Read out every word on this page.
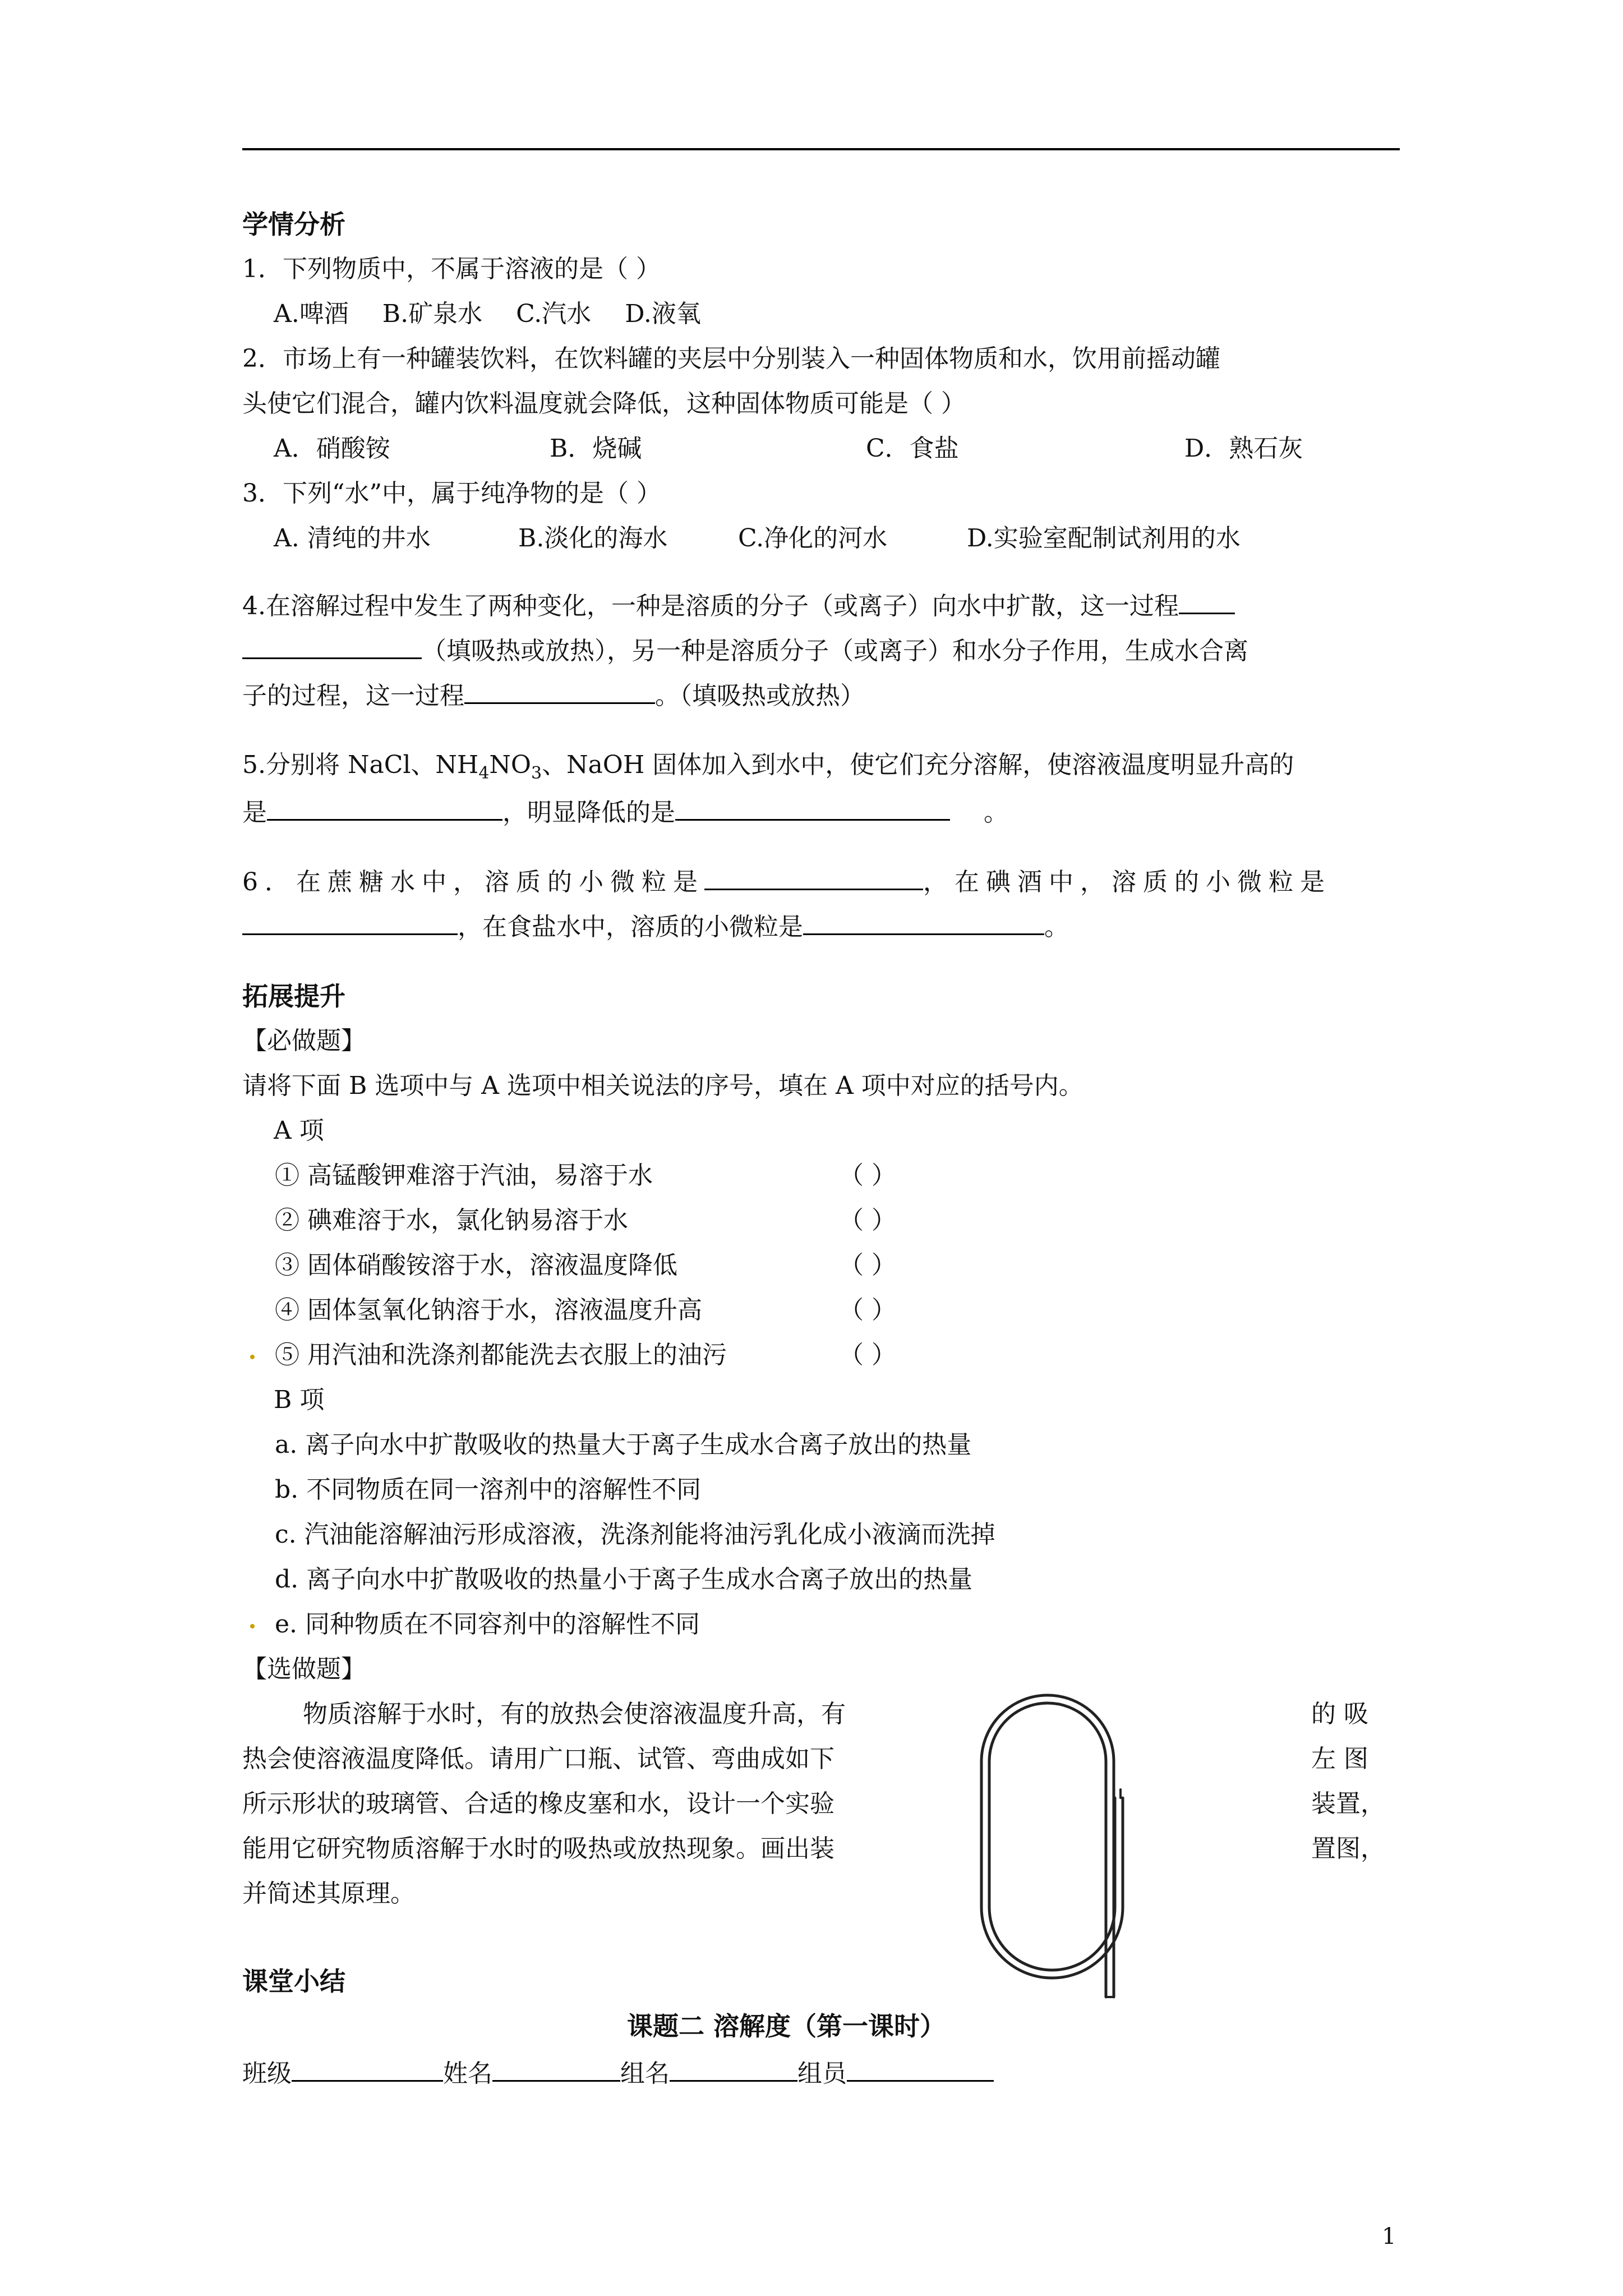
学情分析
1．下列物质中，不属于溶液的是（ ）
A.啤酒 B.矿泉水 C.汽水 D.液氧
2．市场上有一种罐装饮料，在饮料罐的夹层中分别装入一种固体物质和水，饮用前摇动罐
头使它们混合，罐内饮料温度就会降低，这种固体物质可能是（ ）
A．硝酸铵	B．烧碱	C．食盐	D．熟石灰
3．下列“水”中，属于纯净物的是（ ）
A. 清纯的井水	B.淡化的海水	C.净化的河水	D.实验室配制试剂用的水
4.在溶解过程中发生了两种变化，一种是溶质的分子（或离子）向水中扩散，这一过程
（填吸热或放热），另一种是溶质分子（或离子）和水分子作用，生成水合离
子的过程，这一过程	。（填吸热或放热）
5.分别将 NaCl、$NH_4NO_3$、NaOH 固体加入到水中，使它们充分溶解，使溶液温度明显升高的
是	，明显降低的是	。
6．在蔗糖水中，溶质的小微粒是	，在碘酒中，溶质的小微粒是
，在食盐水中，溶质的小微粒是	。
拓展提升
【必做题】
请将下面 B 选项中与 A 选项中相关说法的序号，填在 A 项中对应的括号内。
A 项
① 高锰酸钾难溶于汽油，易溶于水	（ ）
② 碘难溶于水，氯化钠易溶于水	（ ）
③ 固体硝酸铵溶于水，溶液温度降低	（ ）
④ 固体氢氧化钠溶于水，溶液温度升高	（ ）
⑤ 用汽油和洗涤剂都能洗去衣服上的油污	（ ）
B 项
a. 离子向水中扩散吸收的热量大于离子生成水合离子放出的热量
b. 不同物质在同一溶剂中的溶解性不同
c. 汽油能溶解油污形成溶液，洗涤剂能将油污乳化成小液滴而洗掉
d. 离子向水中扩散吸收的热量小于离子生成水合离子放出的热量
e. 同种物质在不同容剂中的溶解性不同
【选做题】
物质溶解于水时，有的放热会使溶液温度升高，有	的 吸
热会使溶液温度降低。请用广口瓶、试管、弯曲成如下	左 图
所示形状的玻璃管、合适的橡皮塞和水，设计一个实验	装置，
能用它研究物质溶解于水时的吸热或放热现象。画出装	置图，
并简述其原理。
课堂小结
课题二 溶解度（第一课时）
班级	姓名	组名	组员
1
